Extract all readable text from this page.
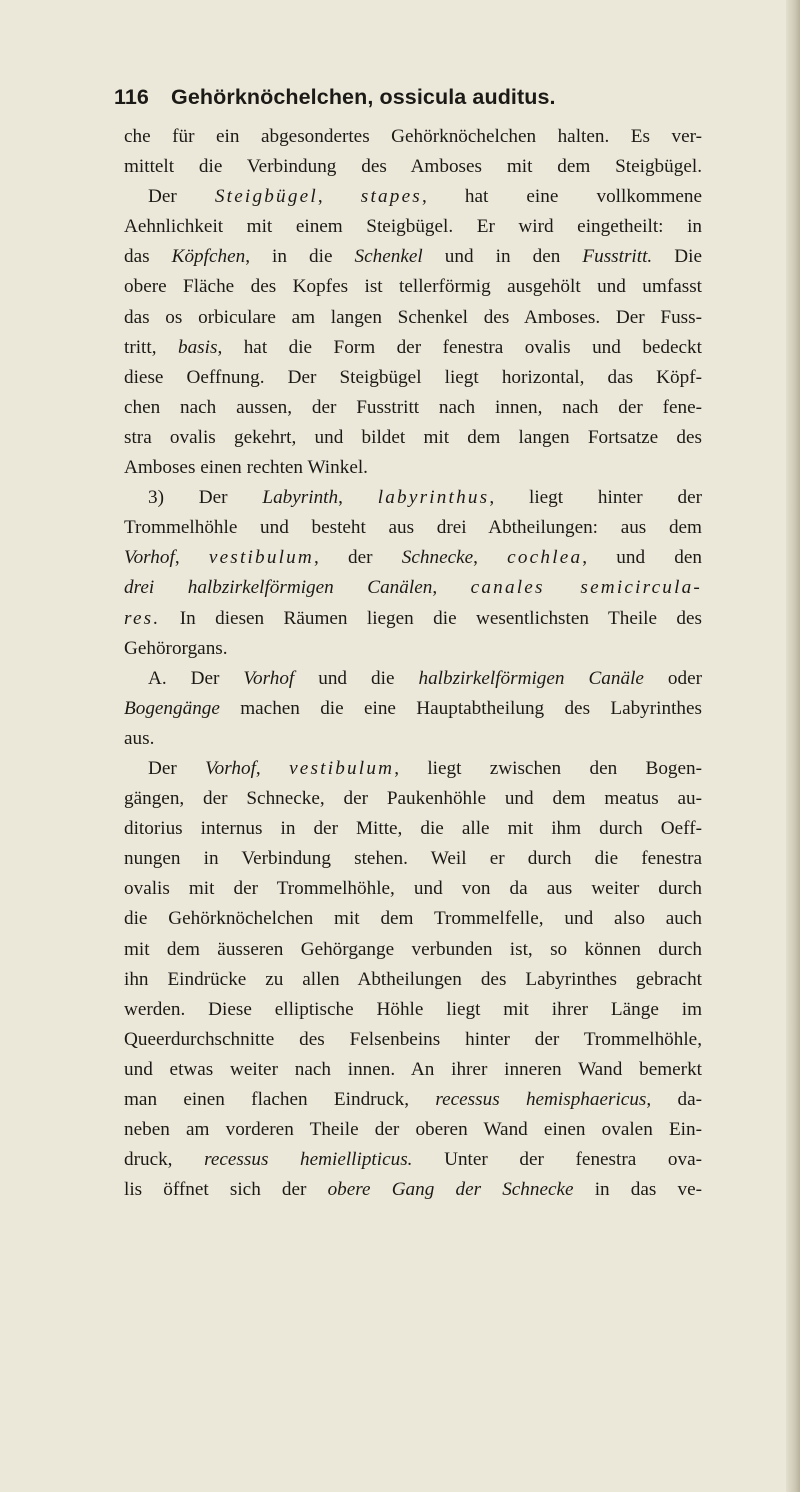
116 Gehörknöchelchen, ossicula auditus.
che für ein abgesondertes Gehörknöchelchen halten. Es ver-
mittelt die Verbindung des Amboses mit dem Steigbügel.
Der Steigbügel, stapes, hat eine vollkommene
Aehnlichkeit mit einem Steigbügel. Er wird eingetheilt: in
das Köpfchen, in die Schenkel und in den Fusstritt. Die
obere Fläche des Kopfes ist tellerförmig ausgehölt und umfasst
das os orbiculare am langen Schenkel des Amboses. Der Fuss-
tritt, basis, hat die Form der fenestra ovalis und bedeckt
diese Oeffnung. Der Steigbügel liegt horizontal, das Köpf-
chen nach aussen, der Fusstritt nach innen, nach der fene-
stra ovalis gekehrt, und bildet mit dem langen Fortsatze des
Amboses einen rechten Winkel.
3) Der Labyrinth, labyrinthus, liegt hinter der
Trommelhöhle und besteht aus drei Abtheilungen: aus dem
Vorhof, vestibulum, der Schnecke, cochlea, und den
drei halbzirkelförmigen Canälen, canales semicircula-
res. In diesen Räumen liegen die wesentlichsten Theile des
Gehörorgans.
A. Der Vorhof und die halbzirkelförmigen Canäle oder
Bogengänge machen die eine Hauptabtheilung des Labyrinthes
aus.
Der Vorhof, vestibulum, liegt zwischen den Bogen-
gängen, der Schnecke, der Paukenhöhle und dem meatus au-
ditorius internus in der Mitte, die alle mit ihm durch Oeff-
nungen in Verbindung stehen. Weil er durch die fenestra
ovalis mit der Trommelhöhle, und von da aus weiter durch
die Gehörknöchelchen mit dem Trommelfelle, und also auch
mit dem äusseren Gehörgange verbunden ist, so können durch
ihn Eindrücke zu allen Abtheilungen des Labyrinthes gebracht
werden. Diese elliptische Höhle liegt mit ihrer Länge im
Queerdurchschnitte des Felsenbeins hinter der Trommelhöhle,
und etwas weiter nach innen. An ihrer inneren Wand bemerkt
man einen flachen Eindruck, recessus hemisphaericus, da-
neben am vorderen Theile der oberen Wand einen ovalen Ein-
druck, recessus hemiellipticus. Unter der fenestra ova-
lis öffnet sich der obere Gang der Schnecke in das ve-
